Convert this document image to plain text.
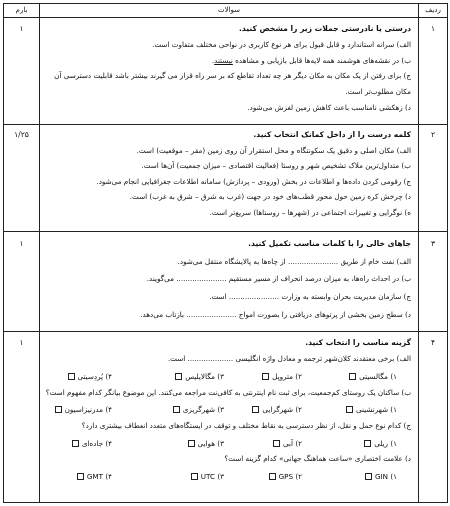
ردیف
سوالات
بارم
۱
درستی یا نادرستی جملات زیر را مشخص کنید.
الف) سرانه استاندارد و قابل قبول برای هر نوع کاربری در نواحی مختلف متفاوت است.
ب) در نقشه‌های هوشمند همه لایه‌ها قابل بازیابی و مشاهده نیستند.
ج) برای رفتن از یک مکان به مکان دیگر هر چه تعداد تقاطع که بر سر راه قرار می گیرند بیشتر باشد قابلیت دسترسی آن مکان مطلوب‌تر است.
د) زهکشی نامناسب باعث کاهش زمین لغزش می‌شود.
۱
۲
کلمه درست را از داخل کمانک انتخاب کنید.
الف) مکان اصلی و دقیق یک سکونتگاه و محل استقرار آن روی زمین (مقر – موقعیت) است.
ب) متداول‌ترین ملاک تشخیص شهر و روستا (فعالیت اقتصادی – میزان جمعیت) آن‌ها است.
ج) رقومی کردن داده‌ها و اطلاعات در بخش (ورودی – پردازش) سامانه اطلاعات جغرافیایی انجام می‌شود.
د) چرخش کره زمین حول محور قطب‌های خود در جهت (غرب به شرق – شرق به غرب) است.
ه) نوگرایی و تغییرات اجتماعی در (شهرها – روستاها) سریع‌تر است.
۱/۲۵
۳
جاهای خالی را با کلمات مناسب تکمیل کنید.
الف) نفت خام از طریق ...................... از چاه‌ها به پالایشگاه منتقل می‌شود.
ب) در احداث راه‌ها، به میزان درصد انحراف از مسیر مستقیم ...................... می‌گویند.
ج) سازمان مدیریت بحران وابسته به وزارت ...................... است.
د) سطح زمین بخشی از پرتوهای دریافتی را بصورت امواج ...................... بازتاب می‌دهد.
۱
۴
گزینه مناسب را انتخاب کنید.
الف) برخی معتقدند کلان‌شهر ترجمه و معادل واژه انگلیسی .................... است.
۱) مگالسیتی
۲) متروپل
۳) مگالاپلیس
۴) پُردِسیتی
ب) ساکنان یک روستای کم‌جمعیت، برای ثبت نام اینترنتی به کافی‌نت مراجعه می‌کنند. این موضوع بیانگر کدام مفهوم است؟
۱) شهرنشینی
۲) شهرگرایی
۳) شهرگریزی
۴) مدرنیزاسیون
ج) کدام نوع حمل و نقل، از نظر دسترسی به نقاط مختلف و توقف در ایستگاه‌های متعدد انعطاف بیشتری دارد؟
۱) ریلی
۲) آبی
۳) هوایی
۴) جاده‌ای
د) علامت اختصاری «ساعت هماهنگ جهانی» کدام گزینه است؟
۱) GIN
۲) GPS
۳) UTC
۴) GMT
۱
